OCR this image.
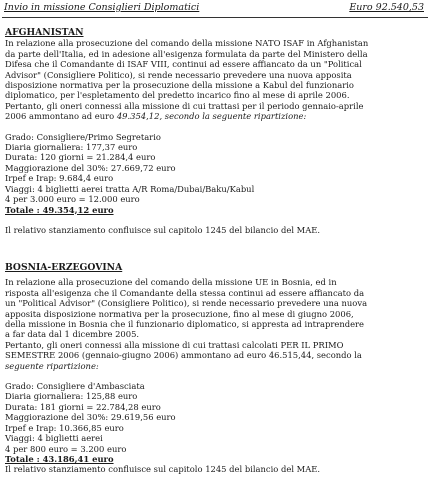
Invio in missione Consiglieri Diplomatici	Euro 92.540,53

AFGHANISTAN

In relazione alla prosecuzione del comando della missione NATO ISAF in Afghanistan

da parte dell'Italia, ed in adesione all'esigenza formulata da parte del Ministero della

Difesa che il Comandante di ISAF VIII, continui ad essere affiancato da un "Political

Advisor" (Consigliere Politico), si rende necessario prevedere una nuova apposita

disposizione normativa per la prosecuzione della missione a Kabul del funzionario

diplomatico, per l'espletamento del predetto incarico fino al mese di aprile 2006.

Pertanto, gli oneri connessi alla missione di cui trattasi per il periodo gennaio-aprile

2006 ammontano ad euro 49.354,12, secondo la seguente ripartizione:

Grado: Consigliere/Primo Segretario

Diaria giornaliera: 177,37 euro

Durata: 120 giorni = 21.284,4 euro

Maggiorazione del 30%: 27.669,72 euro

Irpef e Irap: 9.684,4 euro

Viaggi: 4 biglietti aerei tratta A/R Roma/Dubai/Baku/Kabul

4 per 3.000 euro = 12.000 euro

Totale : 49.354,12 euro

Il relativo stanziamento confluisce sul capitolo 1245 del bilancio del MAE.

BOSNIA-ERZEGOVINA

In relazione alla prosecuzione del comando della missione UE in Bosnia, ed in

risposta all'esigenza che il Comandante della stessa continui ad essere affiancato da

un "Political Advisor" (Consigliere Politico), si rende necessario prevedere una nuova

apposita disposizione normativa per la prosecuzione, fino al mese di giugno 2006,

della missione in Bosnia che il funzionario diplomatico, si appresta ad intraprendere

a far data dal 1 dicembre 2005.

Pertanto, gli oneri connessi alla missione di cui trattasi calcolati PER IL PRIMO

SEMESTRE 2006 (gennaio-giugno 2006) ammontano ad euro 46.515,44, secondo la

seguente ripartizione:

Grado: Consigliere d'Ambasciata

Diaria giornaliera: 125,88 euro

Durata: 181 giorni = 22.784,28 euro

Maggiorazione del 30%: 29.619,56 euro

Irpef e Irap: 10.366,85 euro

Viaggi: 4 biglietti aerei

4 per 800 euro = 3.200 euro

Totale : 43.186,41 euro

Il relativo stanziamento confluisce sul capitolo 1245 del bilancio del MAE.
